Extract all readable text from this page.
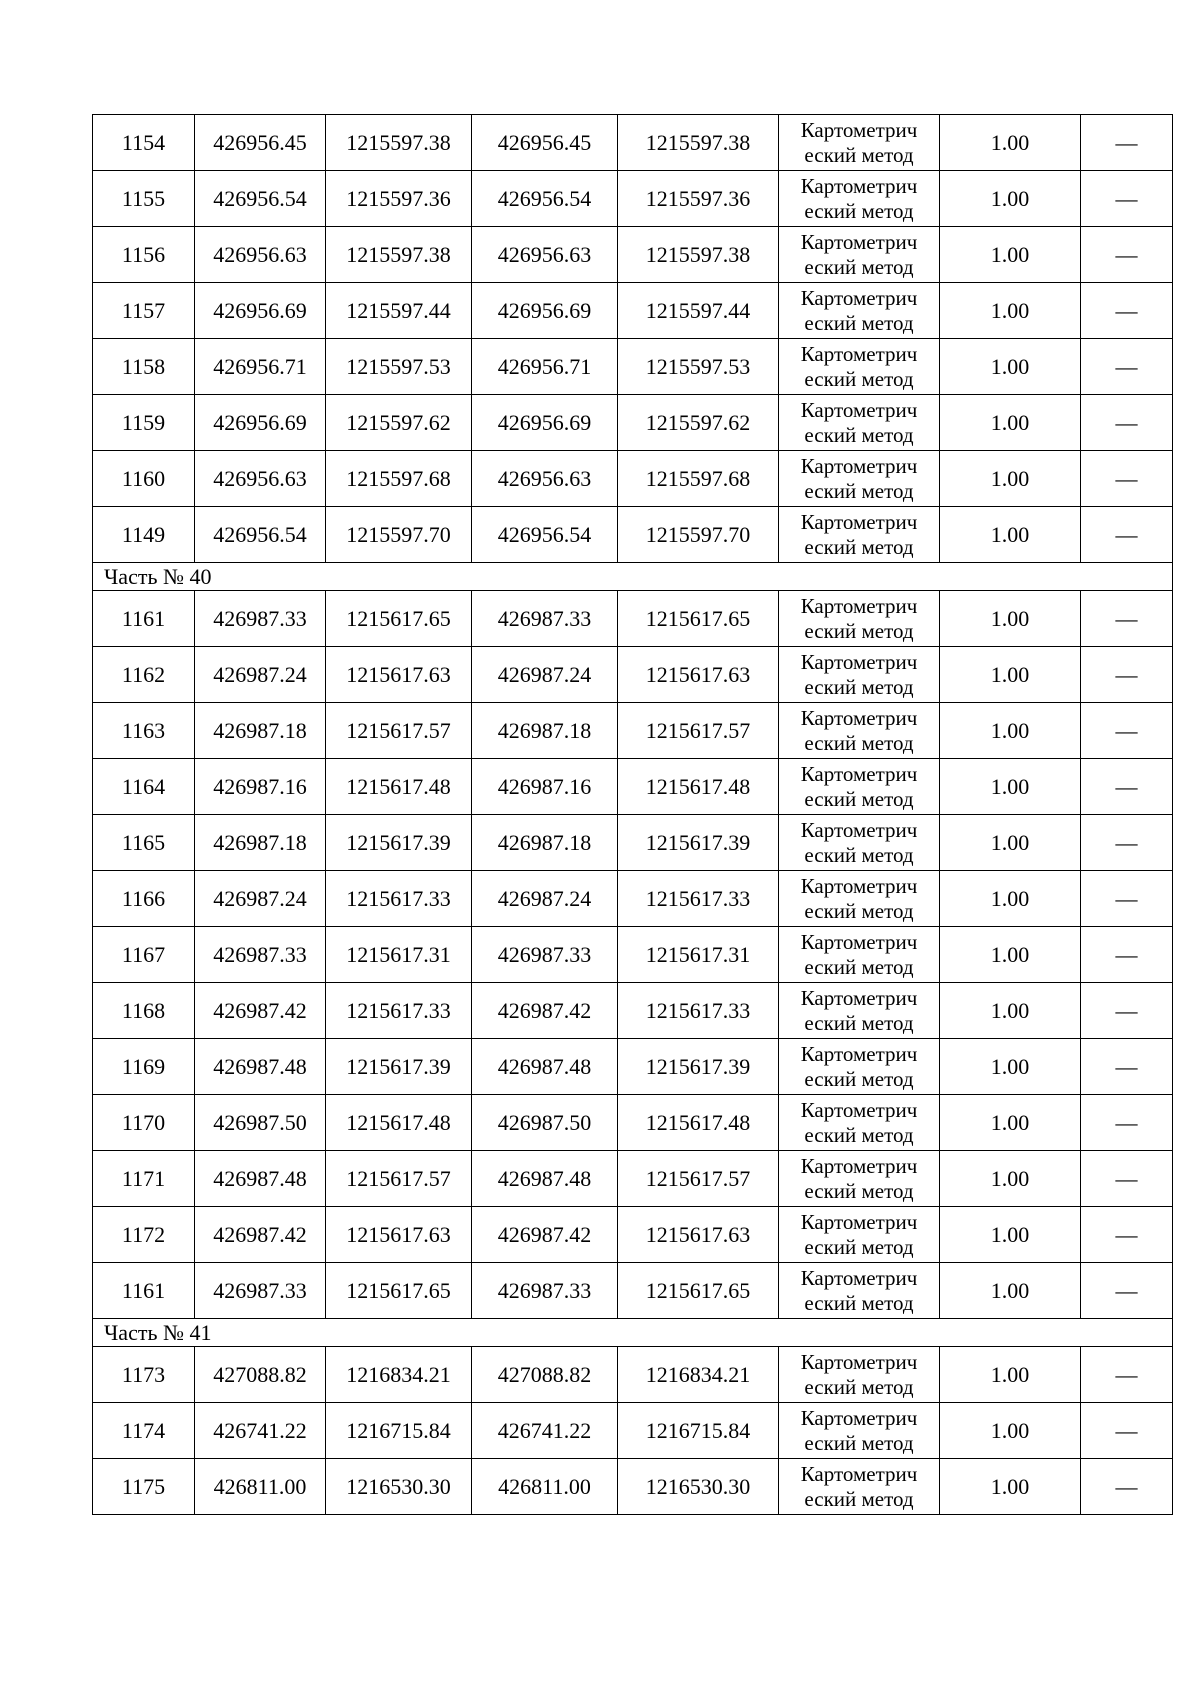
1154	426956.45	1215597.38	426956.45	1215597.38	Картометрич еский метод	1.00	—
1155	426956.54	1215597.36	426956.54	1215597.36	Картометрич еский метод	1.00	—
1156	426956.63	1215597.38	426956.63	1215597.38	Картометрич еский метод	1.00	—
1157	426956.69	1215597.44	426956.69	1215597.44	Картометрич еский метод	1.00	—
1158	426956.71	1215597.53	426956.71	1215597.53	Картометрич еский метод	1.00	—
1159	426956.69	1215597.62	426956.69	1215597.62	Картометрич еский метод	1.00	—
1160	426956.63	1215597.68	426956.63	1215597.68	Картометрич еский метод	1.00	—
1149	426956.54	1215597.70	426956.54	1215597.70	Картометрич еский метод	1.00	—
Часть № 40							
1161	426987.33	1215617.65	426987.33	1215617.65	Картометрич еский метод	1.00	—
1162	426987.24	1215617.63	426987.24	1215617.63	Картометрич еский метод	1.00	—
1163	426987.18	1215617.57	426987.18	1215617.57	Картометрич еский метод	1.00	—
1164	426987.16	1215617.48	426987.16	1215617.48	Картометрич еский метод	1.00	—
1165	426987.18	1215617.39	426987.18	1215617.39	Картометрич еский метод	1.00	—
1166	426987.24	1215617.33	426987.24	1215617.33	Картометрич еский метод	1.00	—
1167	426987.33	1215617.31	426987.33	1215617.31	Картометрич еский метод	1.00	—
1168	426987.42	1215617.33	426987.42	1215617.33	Картометрич еский метод	1.00	—
1169	426987.48	1215617.39	426987.48	1215617.39	Картометрич еский метод	1.00	—
1170	426987.50	1215617.48	426987.50	1215617.48	Картометрич еский метод	1.00	—
1171	426987.48	1215617.57	426987.48	1215617.57	Картометрич еский метод	1.00	—
1172	426987.42	1215617.63	426987.42	1215617.63	Картометрич еский метод	1.00	—
1161	426987.33	1215617.65	426987.33	1215617.65	Картометрич еский метод	1.00	—
Часть № 41							
1173	427088.82	1216834.21	427088.82	1216834.21	Картометрич еский метод	1.00	—
1174	426741.22	1216715.84	426741.22	1216715.84	Картометрич еский метод	1.00	—
1175	426811.00	1216530.30	426811.00	1216530.30	Картометрич еский метод	1.00	—
